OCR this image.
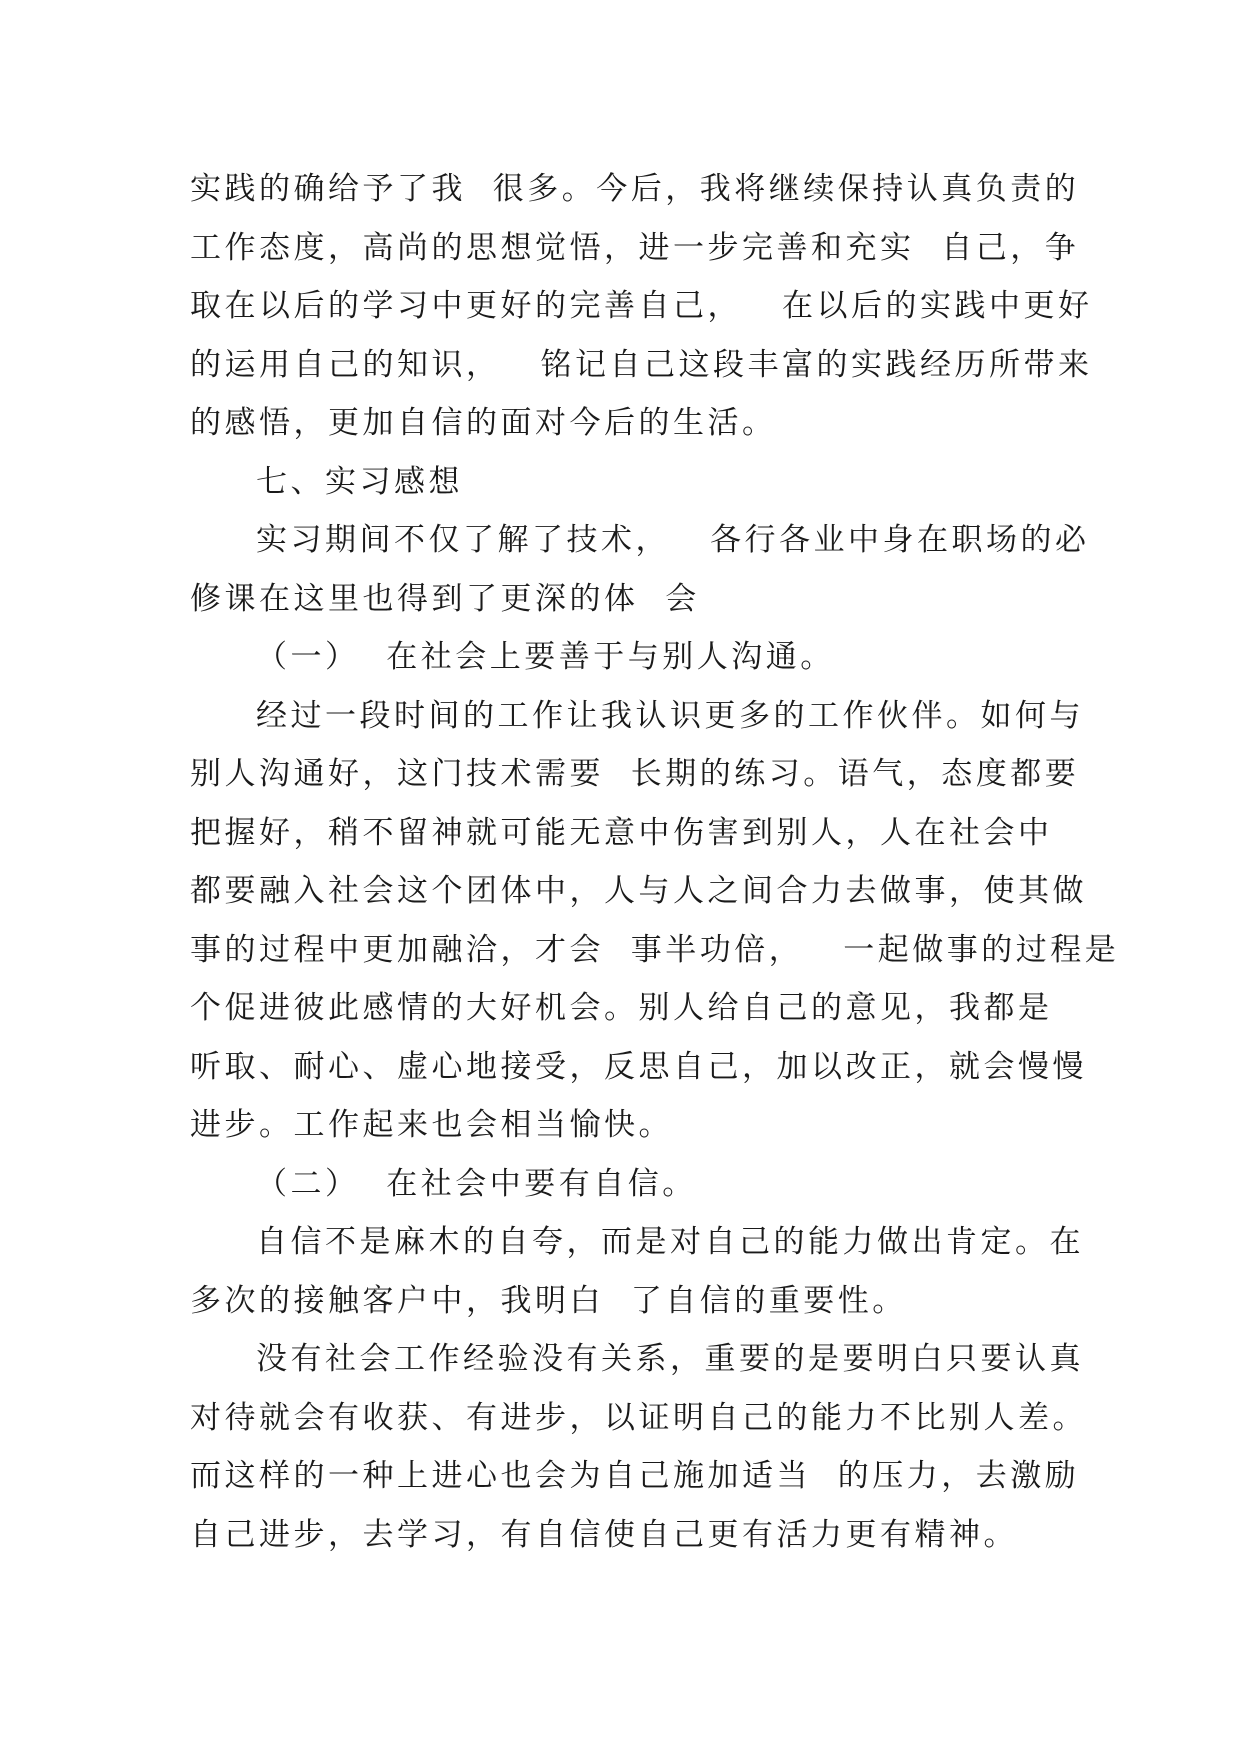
实践的确给予了我  很多。今后，我将继续保持认真负责的
工作态度，高尚的思想觉悟，进一步完善和充实  自己，争
取在以后的学习中更好的完善自己，   在以后的实践中更好
的运用自己的知识，   铭记自己这段丰富的实践经历所带来
的感悟，更加自信的面对今后的生活。
七、实习感想
实习期间不仅了解了技术，   各行各业中身在职场的必
修课在这里也得到了更深的体  会
（一）  在社会上要善于与别人沟通。
经过一段时间的工作让我认识更多的工作伙伴。如何与
别人沟通好，这门技术需要  长期的练习。语气，态度都要
把握好，稍不留神就可能无意中伤害到别人，人在社会中
都要融入社会这个团体中，人与人之间合力去做事，使其做
事的过程中更加融洽，才会  事半功倍，   一起做事的过程是
个促进彼此感情的大好机会。别人给自己的意见，我都是
听取、耐心、虚心地接受，反思自己，加以改正，就会慢慢
进步。工作起来也会相当愉快。
（二）  在社会中要有自信。
自信不是麻木的自夸，而是对自己的能力做出肯定。在
多次的接触客户中，我明白  了自信的重要性。
没有社会工作经验没有关系，重要的是要明白只要认真
对待就会有收获、有进步，以证明自己的能力不比别人差。
而这样的一种上进心也会为自己施加适当  的压力，去激励
自己进步，去学习，有自信使自己更有活力更有精神。
